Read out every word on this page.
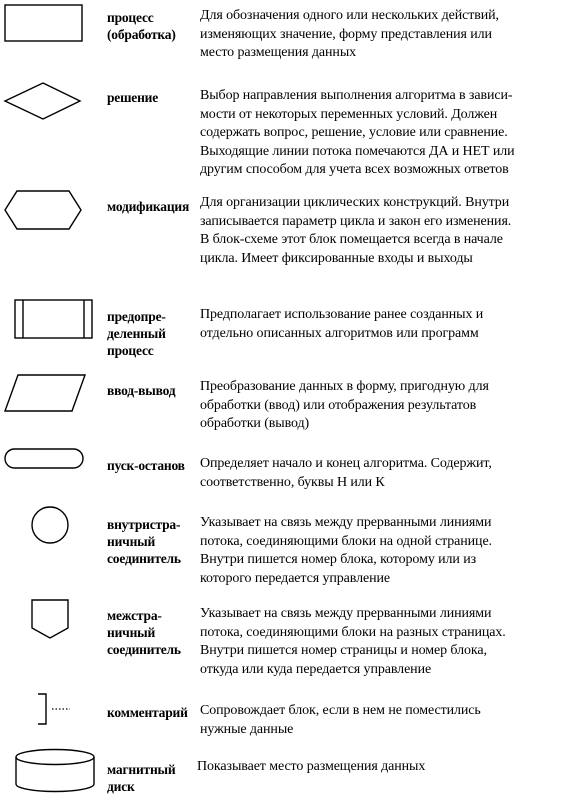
процесс
(обработка)
Для обозначения одного или нескольких действий,
изменяющих значение, форму представления или
место размещения данных
решение	Выбор направления выполнения алгоритма в зависи-
мости от некоторых переменных условий. Должен
содержать вопрос, решение, условие или сравнение.
Выходящие линии потока помечаются ДА и НЕТ или
другим способом для учета всех возможных ответов
модификация Для организации циклических конструкций. Внутри
записывается параметр цикла и закон его изменения.
В блок-схеме этот блок помещается всегда в начале
цикла. Имеет фиксированные входы и выходы
предопре-
деленный
процесс
Предполагает использование ранее созданных и
отдельно описанных алгоритмов или программ
ввод-вывод Преобразование данных в форму, пригодную для
обработки (ввод) или отображения результатов
обработки (вывод)
пуск-останов Определяет начало и конец алгоритма. Содержит,
соответственно, буквы Н или К
внутристра-
ничный
соединитель
Указывает на связь между прерванными линиями
потока, соединяющими блоки на одной странице.
Внутри пишется номер блока, которому или из
которого передается управление
межстра-
ничный
соединитель
Указывает на связь между прерванными линиями
потока, соединяющими блоки на разных страницах.
Внутри пишется номер страницы и номер блока,
откуда или куда передается управление
комментарий Сопровождает блок, если в нем не поместились
нужные данные
магнитный
диск
Показывает место размещения данных
